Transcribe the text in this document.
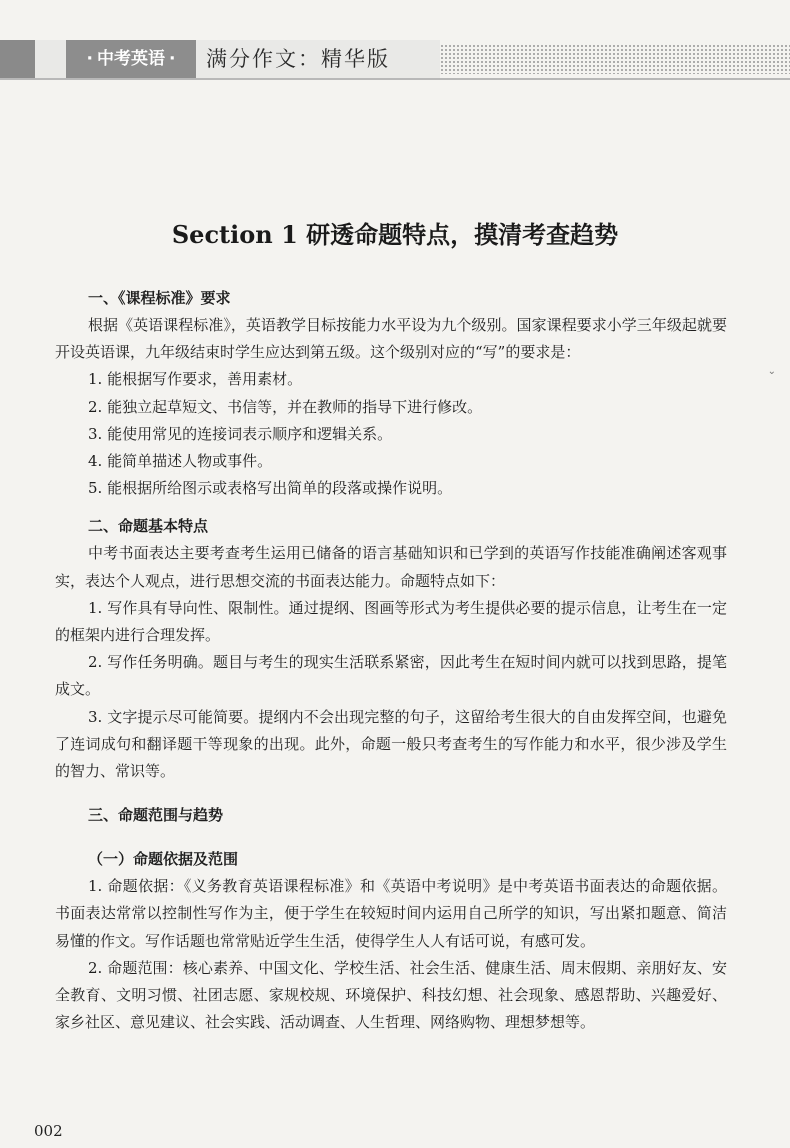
· 中考英语 ·	满分作文：精华版
Section 1 研透命题特点，摸清考查趋势
⌄

一、《课程标准》要求

根据《英语课程标准》，英语教学目标按能力水平设为九个级别。国家课程要求小学三年级起就要开设英语课，九年级结束时学生应达到第五级。这个级别对应的“写”的要求是：

1. 能根据写作要求，善用素材。

2. 能独立起草短文、书信等，并在教师的指导下进行修改。

3. 能使用常见的连接词表示顺序和逻辑关系。

4. 能简单描述人物或事件。

5. 能根据所给图示或表格写出简单的段落或操作说明。

二、命题基本特点

中考书面表达主要考查考生运用已储备的语言基础知识和已学到的英语写作技能准确阐述客观事实，表达个人观点，进行思想交流的书面表达能力。命题特点如下：

1. 写作具有导向性、限制性。通过提纲、图画等形式为考生提供必要的提示信息，让考生在一定的框架内进行合理发挥。

2. 写作任务明确。题目与考生的现实生活联系紧密，因此考生在短时间内就可以找到思路，提笔成文。

3. 文字提示尽可能简要。提纲内不会出现完整的句子，这留给考生很大的自由发挥空间，也避免了连词成句和翻译题干等现象的出现。此外，命题一般只考查考生的写作能力和水平，很少涉及学生的智力、常识等。

三、命题范围与趋势

（一）命题依据及范围

1. 命题依据：《义务教育英语课程标准》和《英语中考说明》是中考英语书面表达的命题依据。书面表达常常以控制性写作为主，便于学生在较短时间内运用自己所学的知识，写出紧扣题意、简洁易懂的作文。写作话题也常常贴近学生生活，使得学生人人有话可说，有感可发。

2. 命题范围：核心素养、中国文化、学校生活、社会生活、健康生活、周末假期、亲朋好友、安全教育、文明习惯、社团志愿、家规校规、环境保护、科技幻想、社会现象、感恩帮助、兴趣爱好、家乡社区、意见建议、社会实践、活动调查、人生哲理、网络购物、理想梦想等。

002
